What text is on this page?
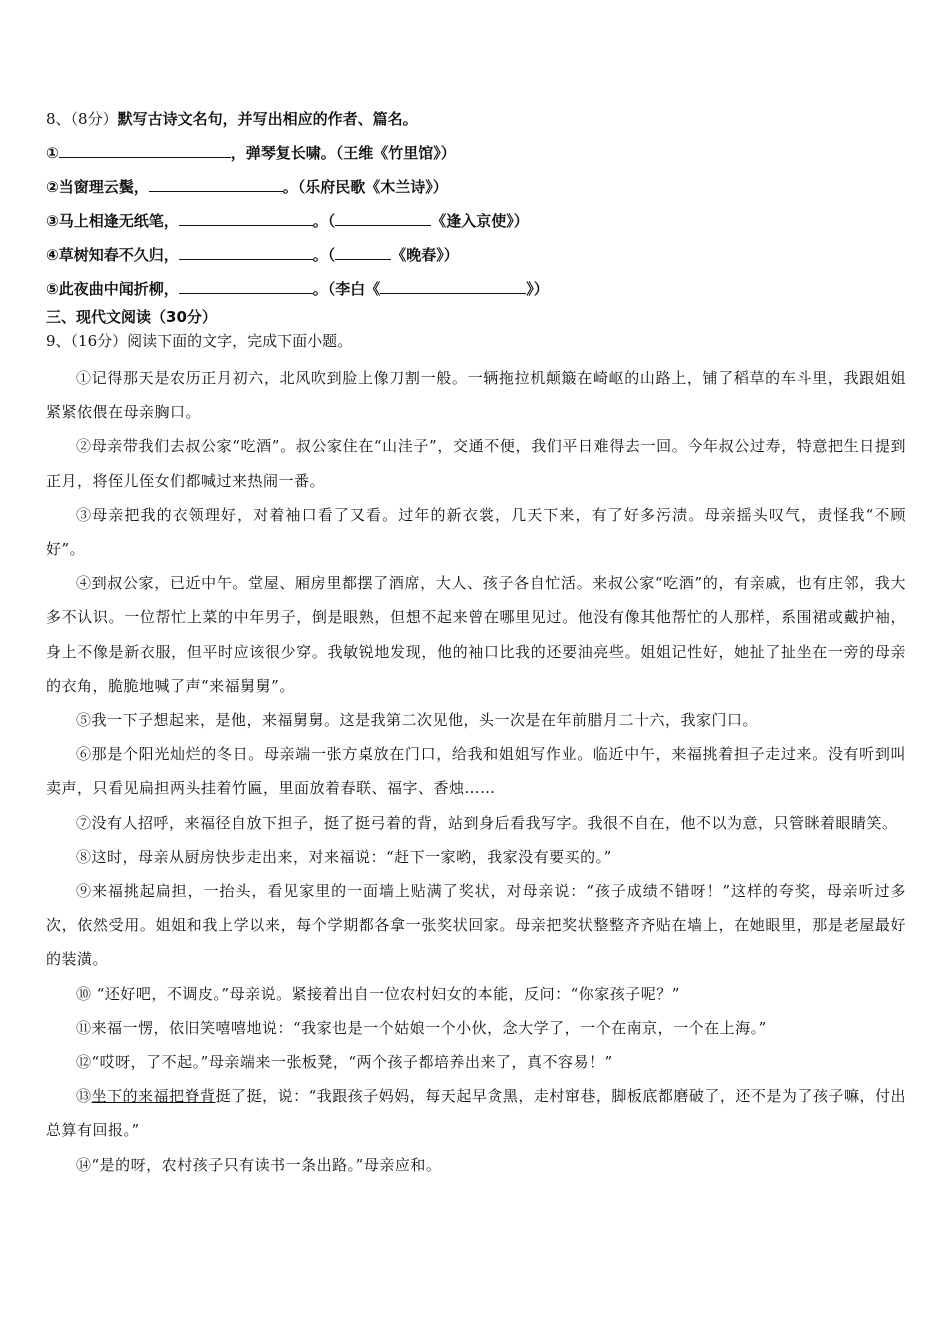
8、（8分）默写古诗文名句，并写出相应的作者、篇名。
①	，弹琴复长啸。（王维《竹里馆》）
②当窗理云鬓，	。（乐府民歌《木兰诗》）
③马上相逢无纸笔，	。（	《逢入京使》）
④草树知春不久归，	。（	《晚春》）
⑤此夜曲中闻折柳，	。（李白《	》）
三、现代文阅读（30分）
9、（16分）阅读下面的文字，完成下面小题。

①记得那天是农历正月初六，北风吹到脸上像刀割一般。一辆拖拉机颠簸在崎岖的山路上，铺了稻草的车斗里，我跟姐姐紧紧依偎在母亲胸口。

②母亲带我们去叔公家“吃酒”。叔公家住在“山洼子”，交通不便，我们平日难得去一回。今年叔公过寿，特意把生日提到正月，将侄儿侄女们都喊过来热闹一番。

③母亲把我的衣领理好，对着袖口看了又看。过年的新衣裳，几天下来，有了好多污渍。母亲摇头叹气，责怪我“不顾好”。

④到叔公家，已近中午。堂屋、厢房里都摆了酒席，大人、孩子各自忙活。来叔公家“吃酒”的，有亲戚，也有庄邻，我大多不认识。一位帮忙上菜的中年男子，倒是眼熟，但想不起来曾在哪里见过。他没有像其他帮忙的人那样，系围裙或戴护袖，身上不像是新衣服，但平时应该很少穿。我敏锐地发现，他的袖口比我的还要油亮些。姐姐记性好，她扯了扯坐在一旁的母亲的衣角，脆脆地喊了声“来福舅舅”。

⑤我一下子想起来，是他，来福舅舅。这是我第二次见他，头一次是在年前腊月二十六，我家门口。

⑥那是个阳光灿烂的冬日。母亲端一张方桌放在门口，给我和姐姐写作业。临近中午，来福挑着担子走过来。没有听到叫卖声，只看见扁担两头挂着竹匾，里面放着春联、福字、香烛……

⑦没有人招呼，来福径自放下担子，挺了挺弓着的背，站到身后看我写字。我很不自在，他不以为意，只管眯着眼睛笑。

⑧这时，母亲从厨房快步走出来，对来福说：“赶下一家哟，我家没有要买的。”

⑨来福挑起扁担，一抬头，看见家里的一面墙上贴满了奖状，对母亲说：“孩子成绩不错呀！”这样的夸奖，母亲听过多次，依然受用。姐姐和我上学以来，每个学期都各拿一张奖状回家。母亲把奖状整整齐齐贴在墙上，在她眼里，那是老屋最好的装潢。

⑩ “还好吧，不调皮。”母亲说。紧接着出自一位农村妇女的本能，反问：“你家孩子呢？”

⑪来福一愣，依旧笑嘻嘻地说：“我家也是一个姑娘一个小伙，念大学了，一个在南京，一个在上海。”

⑫“哎呀，了不起。”母亲端来一张板凳，“两个孩子都培养出来了，真不容易！”

⑬坐下的来福把脊背挺了挺，说：“我跟孩子妈妈，每天起早贪黑，走村窜巷，脚板底都磨破了，还不是为了孩子嘛，付出总算有回报。”

⑭“是的呀，农村孩子只有读书一条出路。”母亲应和。
